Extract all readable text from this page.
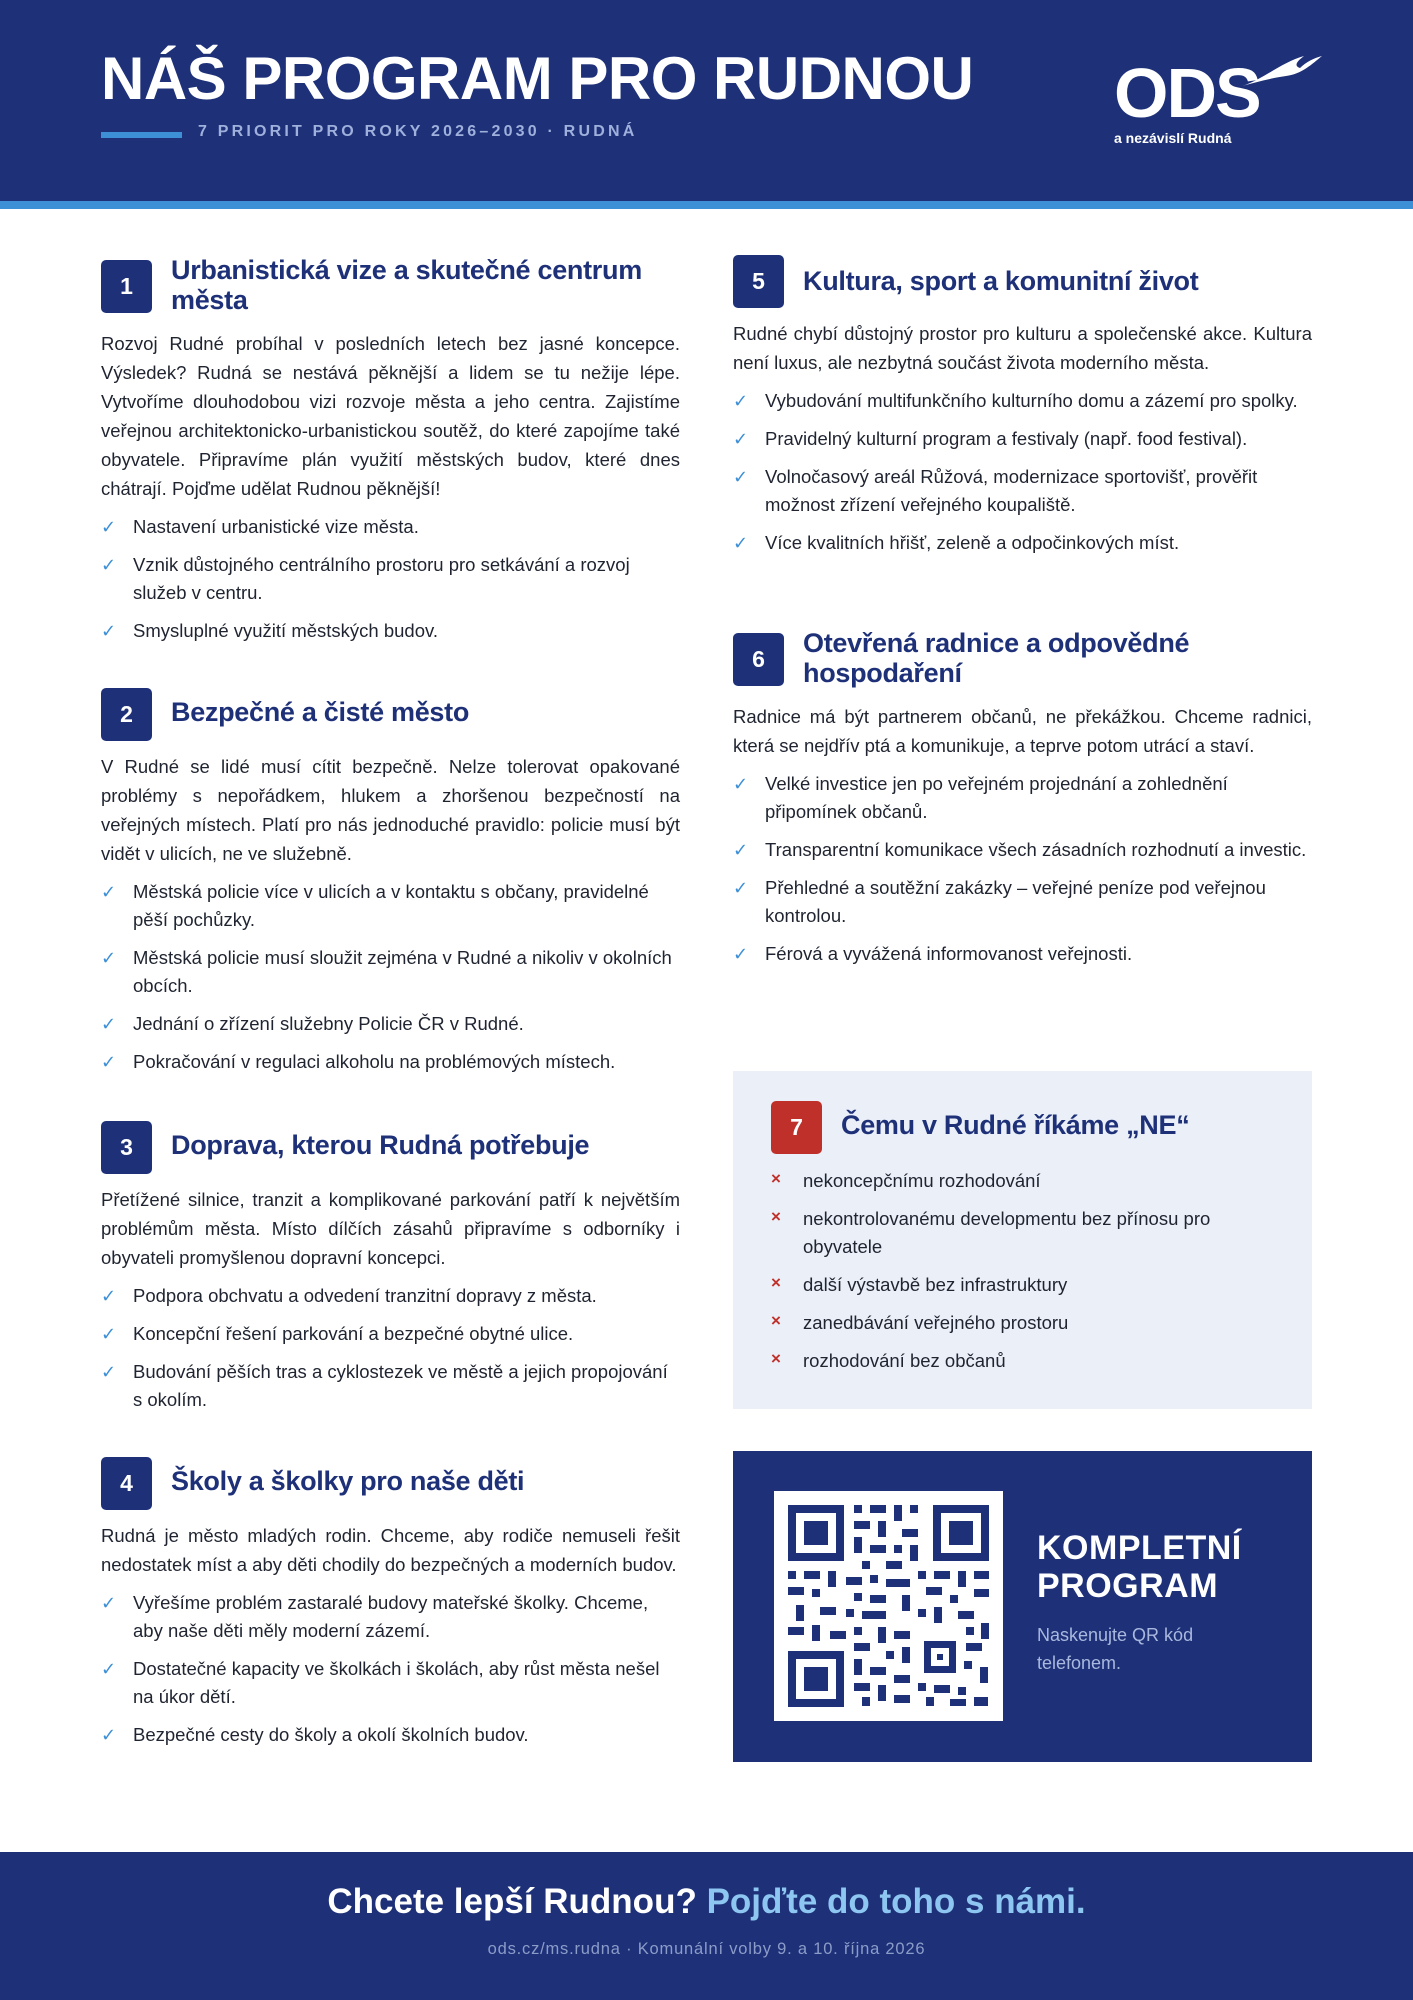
NÁŠ PROGRAM PRO RUDNOU
7 PRIORIT PRO ROKY 2026–2030 · RUDNÁ	ODS
a nezávislí Rudná
1
Urbanistická vize a skutečné centrum města

Rozvoj Rudné probíhal v posledních letech bez jasné koncepce. Výsledek? Rudná se nestává pěknější a lidem se tu nežije lépe. Vytvoříme dlouhodobou vizi rozvoje města a jeho centra. Zajistíme veřejnou architektonicko-urbanistickou soutěž, do které zapojíme také obyvatele. Připravíme plán využití městských budov, které dnes chátrají. Pojďme udělat Rudnou pěknější!

✓ Nastavení urbanistické vize města.
✓ Vznik důstojného centrálního prostoru pro setkávání a rozvoj služeb v centru.
✓ Smysluplné využití městských budov.
2	Bezpečné a čisté město

V Rudné se lidé musí cítit bezpečně. Nelze tolerovat opakované problémy s nepořádkem, hlukem a zhoršenou bezpečností na veřejných místech. Platí pro nás jednoduché pravidlo: policie musí být vidět v ulicích, ne ve služebně.

✓ Městská policie více v ulicích a v kontaktu s občany, pravidelné pěší pochůzky.
✓ Městská policie musí sloužit zejména v Rudné a nikoliv v okolních obcích.
✓ Jednání o zřízení služebny Policie ČR v Rudné.
✓ Pokračování v regulaci alkoholu na problémových místech.
3	Doprava, kterou Rudná potřebuje

Přetížené silnice, tranzit a komplikované parkování patří k největším problémům města. Místo dílčích zásahů připravíme s odborníky i obyvateli promyšlenou dopravní koncepci.

✓ Podpora obchvatu a odvedení tranzitní dopravy z města.
✓ Koncepční řešení parkování a bezpečné obytné ulice.
✓ Budování pěších tras a cyklostezek ve městě a jejich propojování s okolím.
4	Školy a školky pro naše děti

Rudná je město mladých rodin. Chceme, aby rodiče nemuseli řešit nedostatek míst a aby děti chodily do bezpečných a moderních budov.

✓ Vyřešíme problém zastaralé budovy mateřské školky. Chceme, aby naše děti měly moderní zázemí.
✓ Dostatečné kapacity ve školkách i školách, aby růst města nešel na úkor dětí.
✓ Bezpečné cesty do školy a okolí školních budov.
5	Kultura, sport a komunitní život

Rudné chybí důstojný prostor pro kulturu a společenské akce. Kultura není luxus, ale nezbytná součást života moderního města.

✓ Vybudování multifunkčního kulturního domu a zázemí pro spolky.
✓ Pravidelný kulturní program a festivaly (např. food festival).
✓ Volnočasový areál Růžová, modernizace sportovišť, prověřit možnost zřízení veřejného koupaliště.
✓ Více kvalitních hřišť, zeleně a odpočinkových míst.
6
Otevřená radnice a odpovědné hospodaření

Radnice má být partnerem občanů, ne překážkou. Chceme radnici, která se nejdřív ptá a komunikuje, a teprve potom utrácí a staví.

✓ Velké investice jen po veřejném projednání a zohlednění připomínek občanů.
✓ Transparentní komunikace všech zásadních rozhodnutí a investic.
✓ Přehledné a soutěžní zakázky – veřejné peníze pod veřejnou kontrolou.
✓ Férová a vyvážená informovanost veřejnosti.
7	Čemu v Rudné říkáme „NE“
× nekoncepčnímu rozhodování
× nekontrolovanému developmentu bez přínosu pro obyvatele
× další výstavbě bez infrastruktury
× zanedbávání veřejného prostoru
× rozhodování bez občanů
KOMPLETNÍ
PROGRAM
Naskenujte QR kód telefonem.

Chcete lepší Rudnou? Pojďte do toho s námi.

ods.cz/ms.rudna · Komunální volby 9. a 10. října 2026
